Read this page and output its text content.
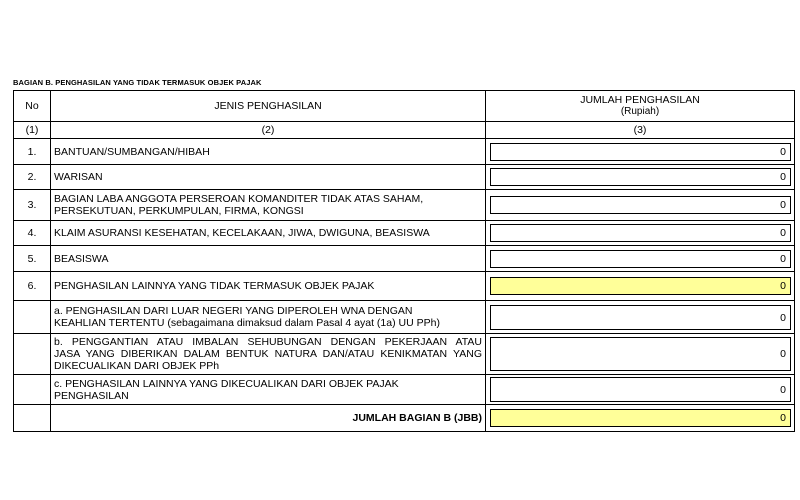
BAGIAN B. PENGHASILAN YANG TIDAK TERMASUK OBJEK PAJAK
No	JENIS PENGHASILAN	JUMLAH PENGHASILAN
(Rupiah)

(1)	(2)	(3)
1.	BANTUAN/SUMBANGAN/HIBAH	0

2.	WARISAN	0

3.	BAGIAN LABA ANGGOTA PERSEROAN KOMANDITER TIDAK ATAS SAHAM,
PERSEKUTUAN, PERKUMPULAN, FIRMA, KONGSI	0

4.	KLAIM ASURANSI KESEHATAN, KECELAKAAN, JIWA, DWIGUNA, BEASISWA	0

5.	BEASISWA	0

6.	PENGHASILAN LAINNYA YANG TIDAK TERMASUK OBJEK PAJAK	0

	a. PENGHASILAN DARI LUAR NEGERI YANG DIPEROLEH WNA DENGAN
KEAHLIAN TERTENTU (sebagaimana dimaksud dalam Pasal 4 ayat (1a) UU PPh)	0

	b. PENGGANTIAN ATAU IMBALAN SEHUBUNGAN DENGAN PEKERJAAN ATAU
JASA YANG DIBERIKAN DALAM BENTUK NATURA DAN/ATAU KENIKMATAN YANG
DIKECUALIKAN DARI OBJEK PPh	0

	c. PENGHASILAN LAINNYA YANG DIKECUALIKAN DARI OBJEK PAJAK
PENGHASILAN	0

	JUMLAH BAGIAN B (JBB)	0
